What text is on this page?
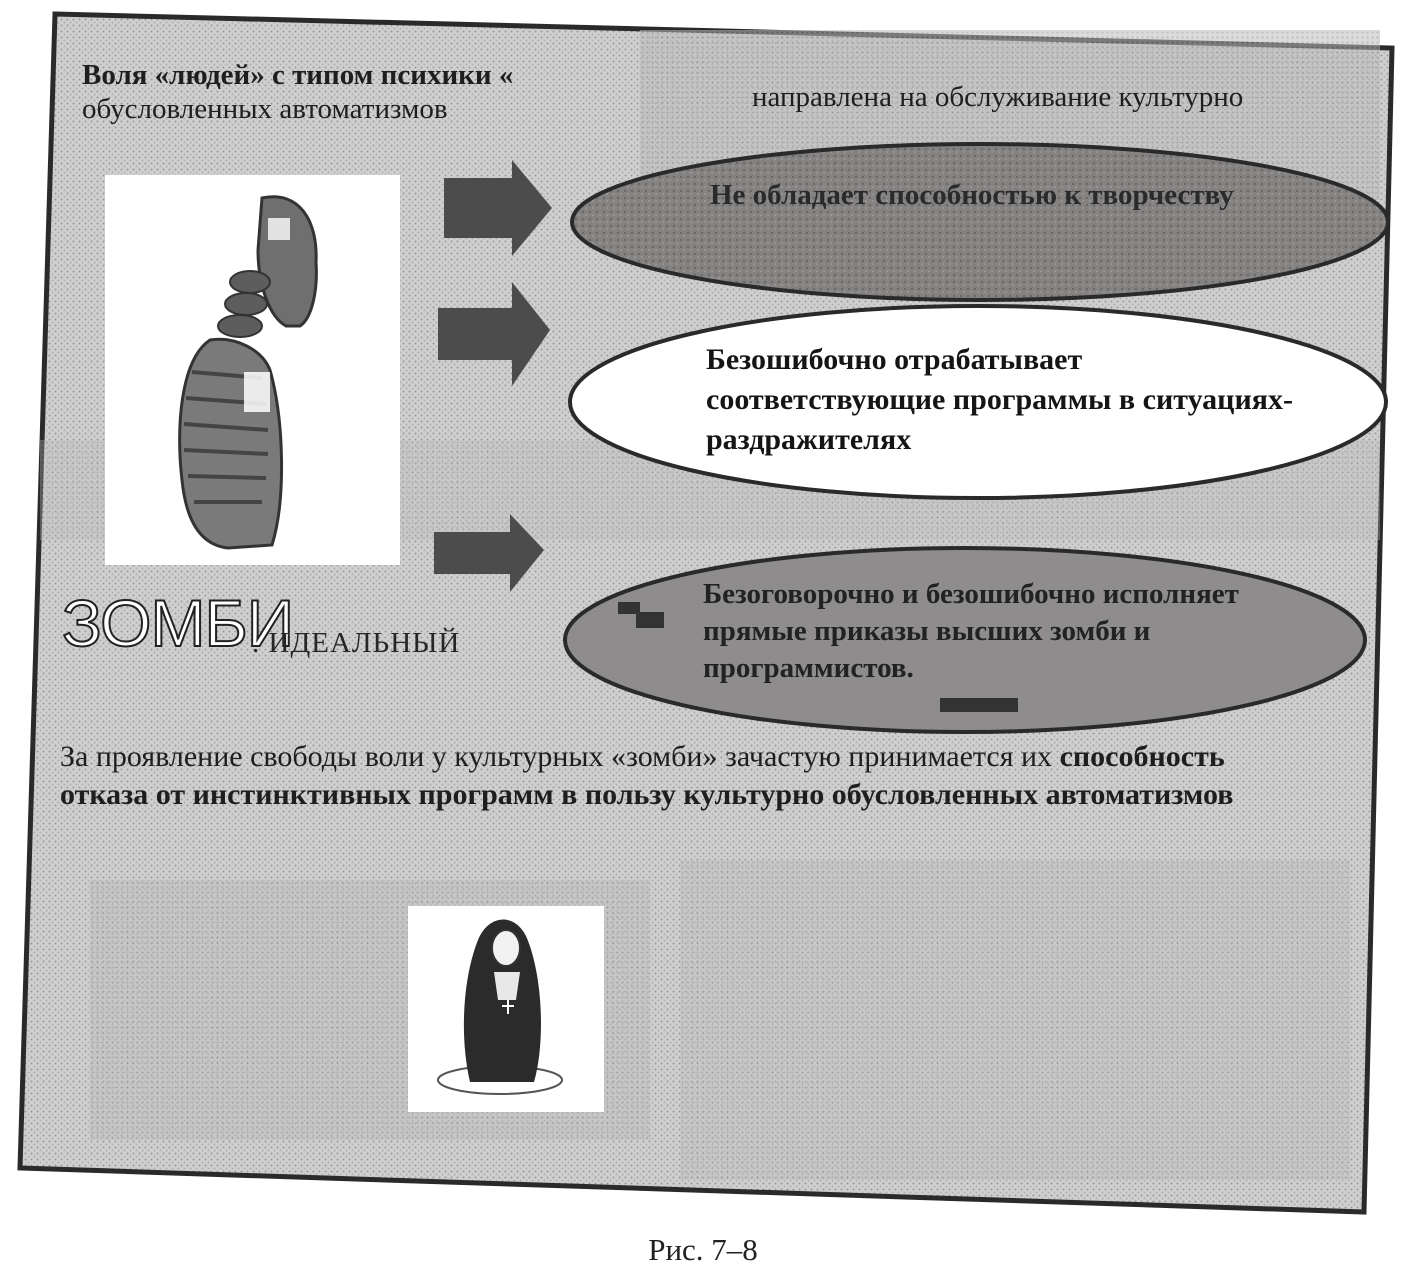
Воля «людей» с типом психики «
обусловленных автоматизмов	направлена на обслуживание культурно
Не обладает способностью к творчеству
Безошибочно отрабатывает соответствующие программы в ситуациях-раздражителях
Безоговорочно и безошибочно исполняет прямые приказы высших зомби и программистов.
ЗОМБИ
. ИДЕАЛЬНЫЙ
За проявление свободы воли у культурных «зомби» зачастую принимается их способность отказа от инстинктивных программ в пользу культурно обусловленных автоматизмов
Рис. 7–8
